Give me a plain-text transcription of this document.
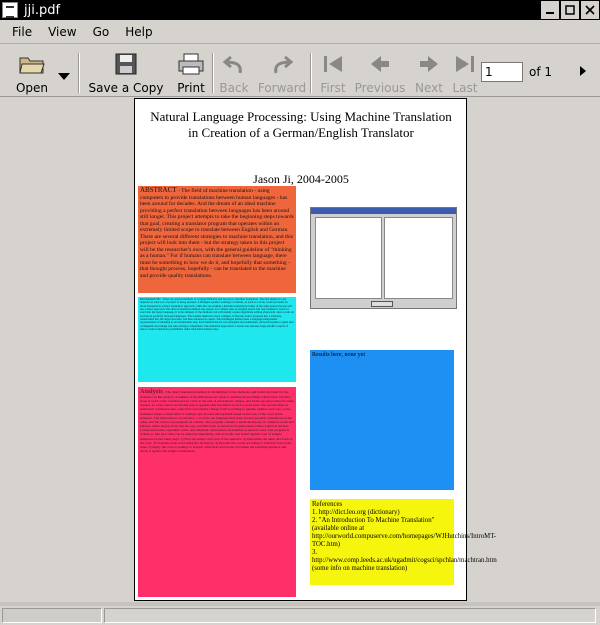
jji.pdf
File	View	Go	Help
Open	Save a Copy Print Back Forward First Previous Next Last
1
of 1
Natural Language Processing: Using Machine Translation in Creation of a German/English Translator
Jason Ji, 2004-2005
ABSTRACT - The field of machine translation - using computers to provide translations between human languages - has been around for decades. And the dream of an ideal machine providing a perfect translation between languages has been around still longer. This project attempts to take the beginning steps towards that goal, creating a translator program that operates within an extremely limited scope to translate between English and German. There are several different strategies to machine translation, and this project will look into them - but the strategy taken in this project will be the researcher's own, with the general guideline of "thinking as a human." For if humans can translate between language, there must be something to how we do it, and hopefully that something - that thought process, hopefully - can be translated to the machine and provide quality translations.
BACKGROUND - There are several methods of varying difficulty and success to machine translation. The best method to use depends on what sort of project is being pursued. A bilingual speaker wanting to translate, as such as a book, would probably be more interested in a direct translation approach, while the one seeking a machine-translated product of the same general layout will use a direct approach. The direct translation method, the easiest, is to simply take an original source text and translate it word for word into the target language. It is the simplest of the methods, but will usually require significant editing afterwards, since words do not line up perfectly between languages. The transfer method is more complex, in that the source is parsed into a structure, transformed into the target structure, and then rendered as output. The interlingua method uses a language-independent representation of meaning as an intermediate step. Each method has its own strengths and weaknesses, and each requires a great deal of linguistic knowledge and rule-writing to implement. The statistical approach is a newer one and uses large parallel corpora of texts to learn translation probabilities rather than hand-written rules.
Analysis - The direct translation method is the simplest of the methods, and forms the basis for the translator in this project. A number of modifications are made to address the problems which arise. The first issue is word order: German places verbs at the end of subordinate clauses, and in the second position in main clauses, so a rule-based reordering step is applied after the initial word-for-word pass. The second issue is inflection: German nouns, adjectives and articles change form according to gender, number and case, so the translator keeps a small table of endings and chooses among them based on the role of the word in the sentence. The third issue is vocabulary: a word in one language may have several possible translations in the other, and the correct one depends on context. The program consults a small dictionary of common words and phrases, taken largely from dict.leo.org, and falls back on the most frequent sense when context is unclear. Compound nouns, separable verbs, and idiomatic expressions are handled as special cases. The program is written so that new rules can be added incrementally, and each rule was tested against a set of sample sentences before being kept. 1) Find the subject and verb of the sentence. 2) Determine the tense and form of the verb. 3) Translate each word using the dictionary. 4) Reorder the words according to German word order rules. 5) Apply the correct endings to articles, adjectives and nouns. 6) Output the resulting sentence and check it against the sample translations.
Results here, none yet
References
1. http://dict.leo.org (dictionary)
2. "An Introduction To Machine Translation" (available online at http://ourworld.compuserve.com/homepages/WJHutchins/IntroMT-TOC.htm)
3. http://www.comp.leeds.ac.uk/ugadmit/cogsci/spchlan/machtran.htm (some info on machine translation)
